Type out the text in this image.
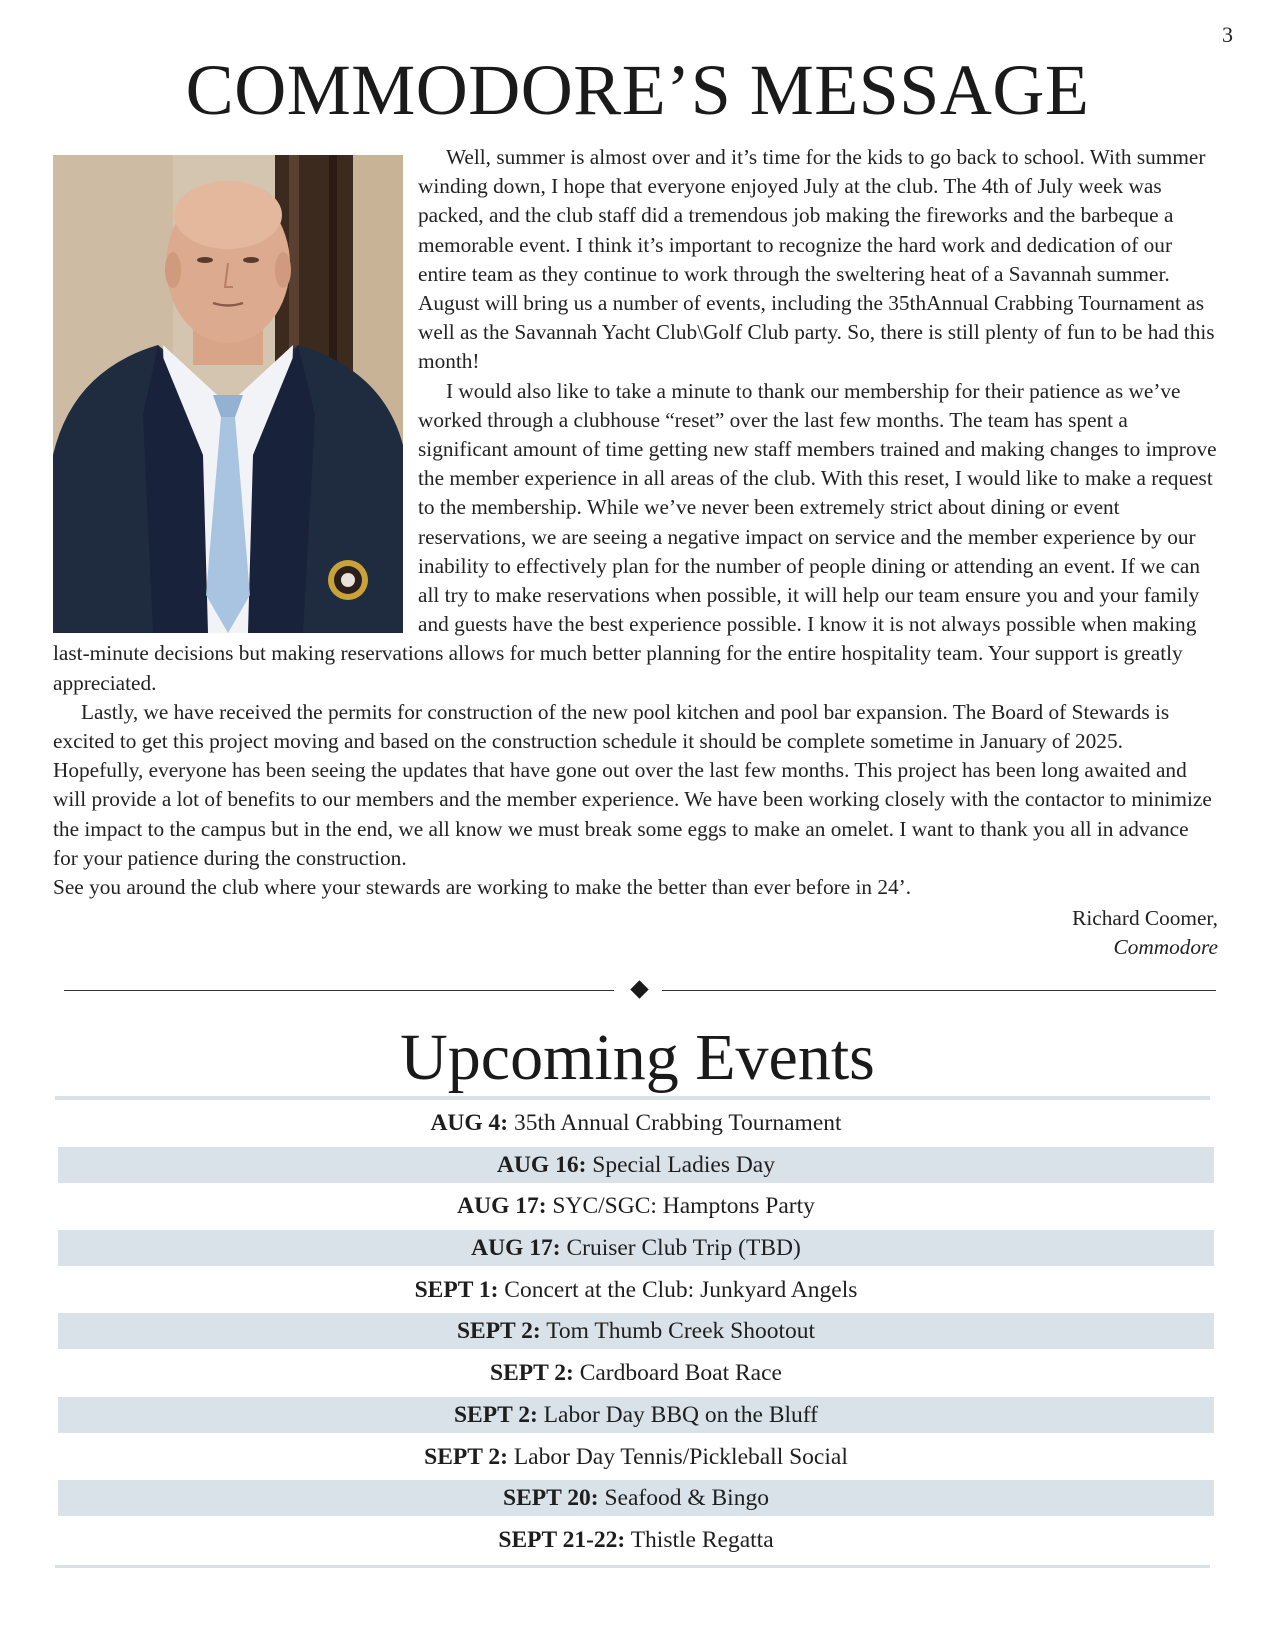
3
COMMODORE’S MESSAGE

Well, summer is almost over and it’s time for the kids to go back to school. With summer winding down, I hope that everyone enjoyed July at the club. The 4th of July week was packed, and the club staff did a tremendous job making the fireworks and the barbeque a memorable event. I think it’s important to recognize the hard work and dedication of our entire team as they continue to work through the sweltering heat of a Savannah summer. August will bring us a number of events, including the 35thAnnual Crabbing Tournament as well as the Savannah Yacht Club\Golf Club party. So, there is still plenty of fun to be had this month!

I would also like to take a minute to thank our membership for their patience as we’ve worked through a clubhouse “reset” over the last few months. The team has spent a significant amount of time getting new staff members trained and making changes to improve the member experience in all areas of the club. With this reset, I would like to make a request to the membership. While we’ve never been extremely strict about dining or event reservations, we are seeing a negative impact on service and the member experience by our inability to effectively plan for the number of people dining or attending an event. If we can all try to make reservations when possible, it will help our team ensure you and your family and guests have the best experience possible. I know it is not always possible when making last-minute decisions but making reservations allows for much better planning for the entire hospitality team. Your support is greatly appreciated.

Lastly, we have received the permits for construction of the new pool kitchen and pool bar expansion. The Board of Stewards is excited to get this project moving and based on the construction schedule it should be complete sometime in January of 2025. Hopefully, everyone has been seeing the updates that have gone out over the last few months. This project has been long awaited and will provide a lot of benefits to our members and the member experience. We have been working closely with the contactor to minimize the impact to the campus but in the end, we all know we must break some eggs to make an omelet. I want to thank you all in advance for your patience during the construction.

See you around the club where your stewards are working to make the better than ever before in 24’.

Richard Coomer,
Commodore
Upcoming Events
AUG 4: 35th Annual Crabbing Tournament
AUG 16: Special Ladies Day
AUG 17: SYC/SGC: Hamptons Party
AUG 17: Cruiser Club Trip (TBD)
SEPT 1: Concert at the Club: Junkyard Angels
SEPT 2: Tom Thumb Creek Shootout
SEPT 2: Cardboard Boat Race
SEPT 2: Labor Day BBQ on the Bluff
SEPT 2: Labor Day Tennis/Pickleball Social
SEPT 20: Seafood & Bingo
SEPT 21-22: Thistle Regatta
